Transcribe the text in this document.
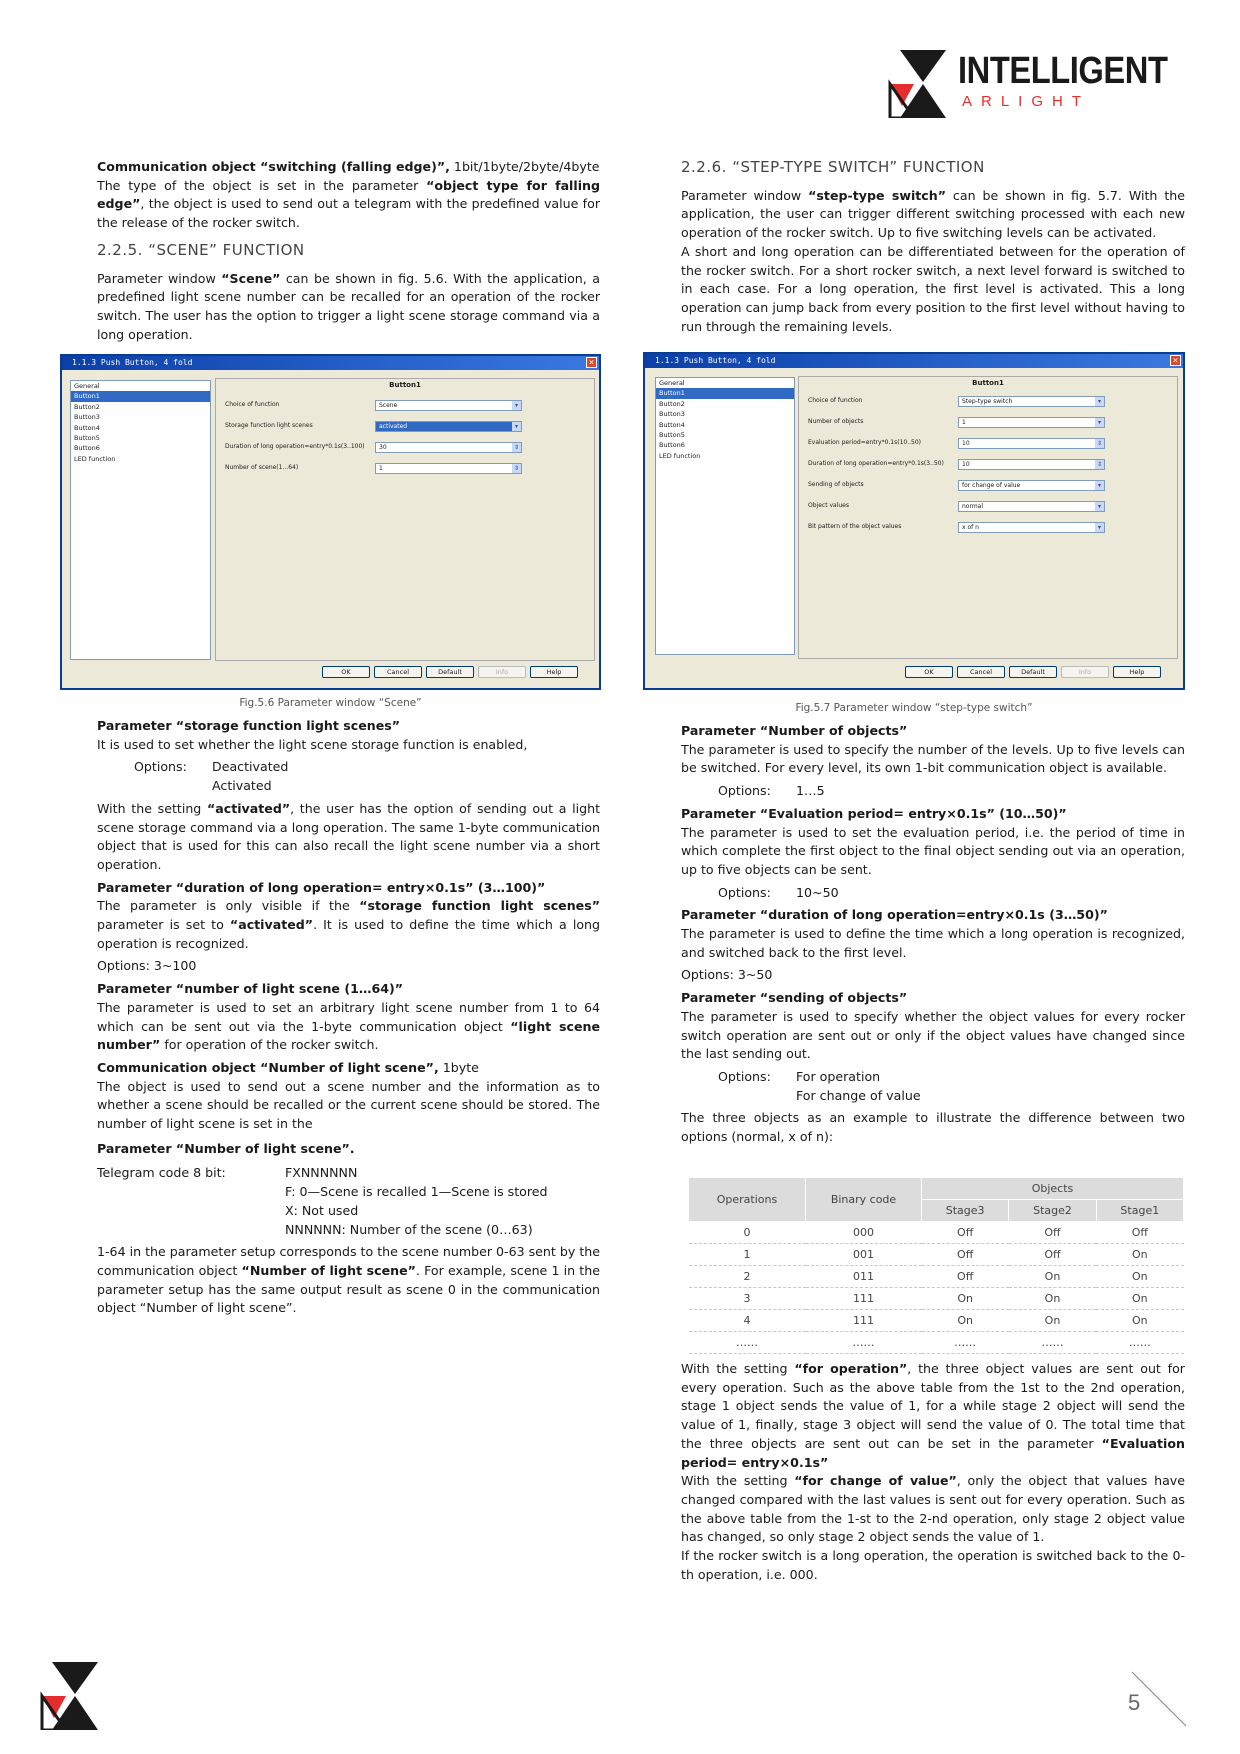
INTELLIGENT
ARLIGHT

Communication object “switching (falling edge)”, 1bit/1byte/2byte/4byte

The type of the object is set in the parameter “object type for falling edge”, the object is used to send out a telegram with the predefined value for the release of the rocker switch.

2.2.5. “SCENE” FUNCTION

Parameter window “Scene” can be shown in fig. 5.6. With the application, a predefined light scene number can be recalled for an operation of the rocker switch. The user has the option to trigger a light scene storage command via a long operation.

1.1.3 Push Button, 4 fold	×
General
Button1
Button2
Button3
Button4
Button5
Button6
LED function
Button1
Choice of function	Scene	▾
Storage function light scenes	activated	▾
Duration of long operation=entry*0.1s(3..100)	30	⇕
Number of scene(1...64)	1	⇕
OK	Cancel	Default	Info	Help
Fig.5.6 Parameter window “Scene”

Parameter “storage function light scenes”

It is used to set whether the light scene storage function is enabled,

Options:	Deactivated
Activated

With the setting “activated”, the user has the option of sending out a light scene storage command via a long operation. The same 1-byte communication object that is used for this can also recall the light scene number via a short operation.

Parameter “duration of long operation= entry×0.1s” (3…100)”

The parameter is only visible if the “storage function light scenes” parameter is set to “activated”. It is used to define the time which a long operation is recognized.

Options: 3~100

Parameter “number of light scene (1…64)”

The parameter is used to set an arbitrary light scene number from 1 to 64 which can be sent out via the 1-byte communication object “light scene number” for operation of the rocker switch.

Communication object “Number of light scene”, 1byte

The object is used to send out a scene number and the information as to whether a scene should be recalled or the current scene should be stored. The number of light scene is set in the

Parameter “Number of light scene”.

Telegram code 8 bit:	FXNNNNNN
F: 0—Scene is recalled 1—Scene is stored
X: Not used
NNNNNN: Number of the scene (0…63)

1-64 in the parameter setup corresponds to the scene number 0-63 sent by the communication object “Number of light scene”. For example, scene 1 in the parameter setup has the same output result as scene 0 in the communication object “Number of light scene”.

2.2.6. “STEP-TYPE SWITCH” FUNCTION

Parameter window “step-type switch” can be shown in fig. 5.7. With the application, the user can trigger different switching processed with each new operation of the rocker switch. Up to five switching levels can be activated.

A short and long operation can be differentiated between for the operation of the rocker switch. For a short rocker switch, a next level forward is switched to in each case. For a long operation, the first level is activated. This a long operation can jump back from every position to the first level without having to run through the remaining levels.

1.1.3 Push Button, 4 fold	×
General
Button1
Button2
Button3
Button4
Button5
Button6
LED function
Button1
Choice of function	Step-type switch	▾
Number of objects	1	▾
Evaluation period=entry*0.1s(10..50)	10	⇕
Duration of long operation=entry*0.1s(3..50)	10	⇕
Sending of objects	for change of value	▾
Object values	normal	▾
Bit pattern of the object values	x of n	▾
OK	Cancel	Default	Info	Help
Fig.5.7 Parameter window “step-type switch”

Parameter “Number of objects”

The parameter is used to specify the number of the levels. Up to five levels can be switched. For every level, its own 1-bit communication object is available.

Options:	1…5

Parameter “Evaluation period= entry×0.1s” (10…50)”

The parameter is used to set the evaluation period, i.e. the period of time in which complete the first object to the final object sending out via an operation, up to five objects can be sent.

Options:	10~50

Parameter “duration of long operation=entry×0.1s (3…50)”

The parameter is used to define the time which a long operation is recognized, and switched back to the first level.

Options: 3~50

Parameter “sending of objects”

The parameter is used to specify whether the object values for every rocker switch operation are sent out or only if the object values have changed since the last sending out.

Options:	For operation
For change of value

The three objects as an example to illustrate the difference between two options (normal, x of n):

Operations	Binary code	Objects		
		Stage3	Stage2	Stage1
0	000	Off	Off	Off
1	001	Off	Off	On
2	011	Off	On	On
3	111	On	On	On
4	111	On	On	On
……	……	……	……	……

With the setting “for operation”, the three object values are sent out for every operation. Such as the above table from the 1st to the 2nd operation, stage 1 object sends the value of 1, for a while stage 2 object will send the value of 1, finally, stage 3 object will send the value of 0. The total time that the three objects are sent out can be set in the parameter “Evaluation period= entry×0.1s”

With the setting “for change of value”, only the object that values have changed compared with the last values is sent out for every operation. Such as the above table from the 1-st to the 2-nd operation, only stage 2 object value has changed, so only stage 2 object sends the value of 1.

If the rocker switch is a long operation, the operation is switched back to the 0-th operation, i.e. 000.

5
